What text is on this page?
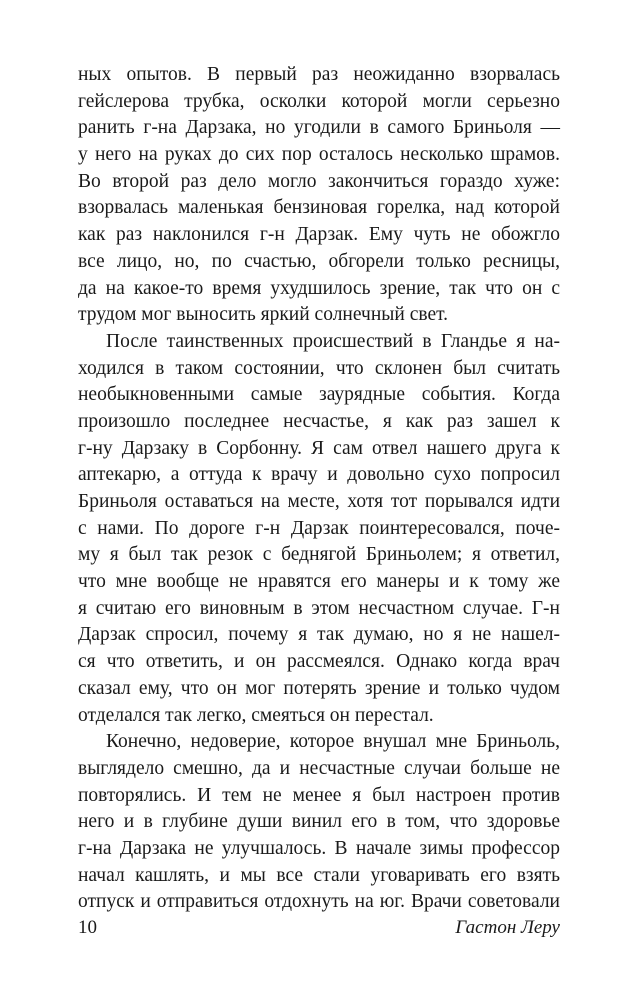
ных опытов. В первый раз неожиданно взорвалась
гейслерова трубка, осколки которой могли серьезно
ранить г-на Дарзака, но угодили в самого Бриньоля —
у него на руках до сих пор осталось несколько шрамов.
Во второй раз дело могло закончиться гораздо хуже:
взорвалась маленькая бензиновая горелка, над которой
как раз наклонился г-н Дарзак. Ему чуть не обожгло
все лицо, но, по счастью, обгорели только ресницы,
да на какое-то время ухудшилось зрение, так что он с
трудом мог выносить яркий солнечный свет.
После таинственных происшествий в Гландье я на-
ходился в таком состоянии, что склонен был считать
необыкновенными самые заурядные события. Когда
произошло последнее несчастье, я как раз зашел к
г-ну Дарзаку в Сорбонну. Я сам отвел нашего друга к
аптекарю, а оттуда к врачу и довольно сухо попросил
Бриньоля оставаться на месте, хотя тот порывался идти
с нами. По дороге г-н Дарзак поинтересовался, поче-
му я был так резок с беднягой Бриньолем; я ответил,
что мне вообще не нравятся его манеры и к тому же
я считаю его виновным в этом несчастном случае. Г-н
Дарзак спросил, почему я так думаю, но я не нашел-
ся что ответить, и он рассмеялся. Однако когда врач
сказал ему, что он мог потерять зрение и только чудом
отделался так легко, смеяться он перестал.
Конечно, недоверие, которое внушал мне Бриньоль,
выглядело смешно, да и несчастные случаи больше не
повторялись. И тем не менее я был настроен против
него и в глубине души винил его в том, что здоровье
г-на Дарзака не улучшалось. В начале зимы профессор
начал кашлять, и мы все стали уговаривать его взять
отпуск и отправиться отдохнуть на юг. Врачи советовали
10	Гастон Леру
